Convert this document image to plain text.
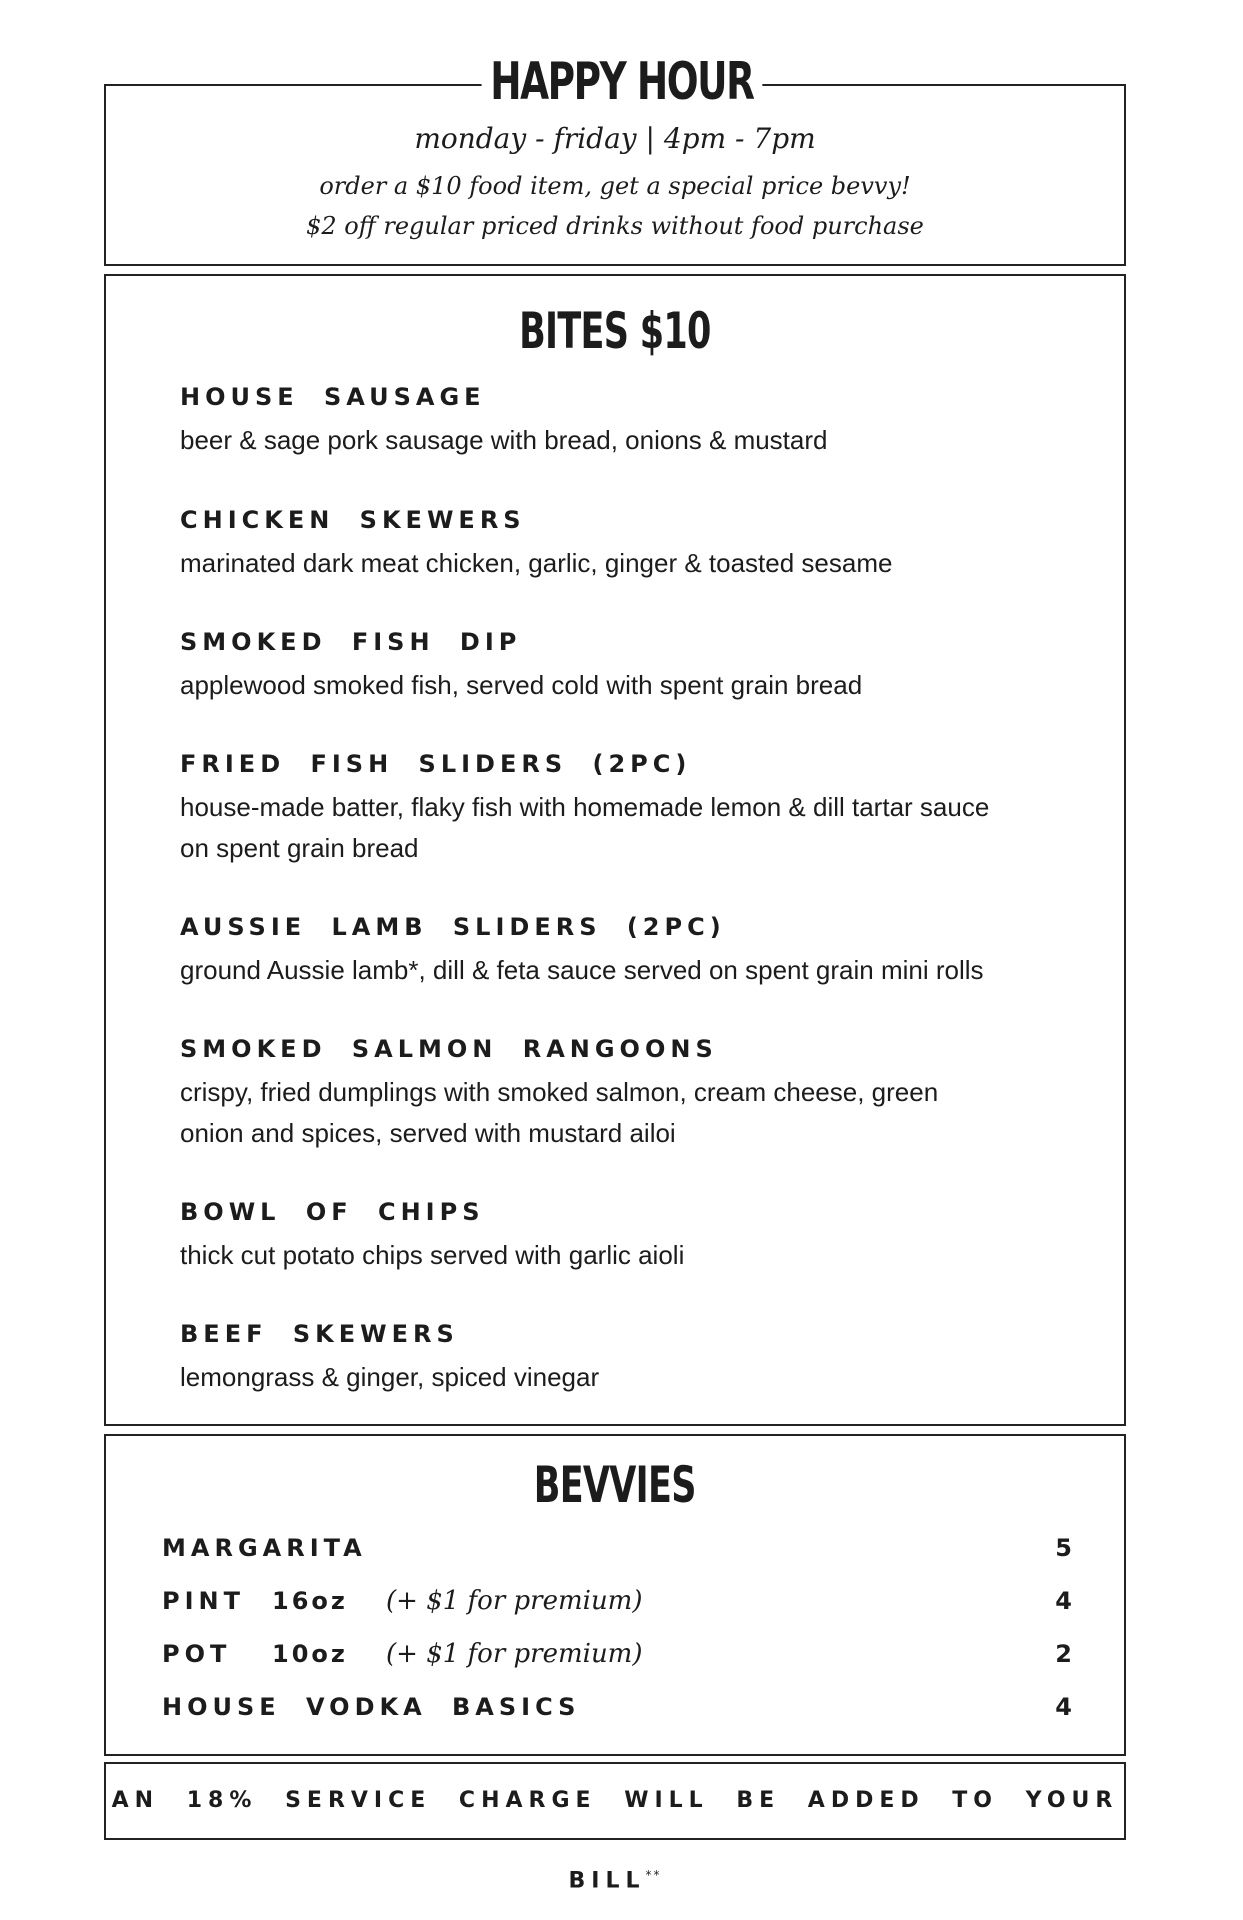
monday - friday | 4pm - 7pm
order a $10 food item, get a special price bevvy!
$2 off regular priced drinks without food purchase
HAPPY HOUR
BITES $10
HOUSE SAUSAGE
beer & sage pork sausage with bread, onions & mustard
CHICKEN SKEWERS
marinated dark meat chicken, garlic, ginger & toasted sesame
SMOKED FISH DIP
applewood smoked fish, served cold with spent grain bread
FRIED FISH SLIDERS (2PC)
house-made batter, flaky fish with homemade lemon & dill tartar sauce on spent grain bread
AUSSIE LAMB SLIDERS (2PC)
ground Aussie lamb*, dill & feta sauce served on spent grain mini rolls
SMOKED SALMON RANGOONS
crispy, fried dumplings with smoked salmon, cream cheese, green onion and spices, served with mustard ailoi
BOWL OF CHIPS
thick cut potato chips served with garlic aioli
BEEF SKEWERS
lemongrass & ginger, spiced vinegar
BEVVIES
MARGARITA	5
PINT 16oz (+ $1 for premium)	4
POT 10oz (+ $1 for premium)	2
HOUSE VODKA BASICS	4
AN 18% SERVICE CHARGE WILL BE ADDED TO YOUR BILL**
